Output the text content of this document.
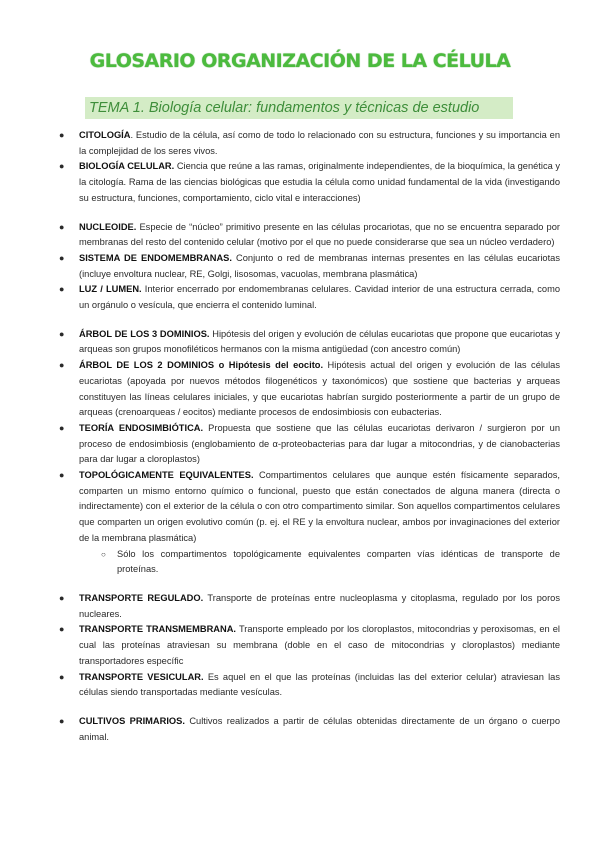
GLOSARIO ORGANIZACIÓN DE LA CÉLULA
TEMA 1. Biología celular: fundamentos y técnicas de estudio
● CITOLOGÍA. Estudio de la célula, así como de todo lo relacionado con su estructura, funciones y su importancia en la complejidad de los seres vivos.
● BIOLOGÍA CELULAR. Ciencia que reúne a las ramas, originalmente independientes, de la bioquímica, la genética y la citología. Rama de las ciencias biológicas que estudia la célula como unidad fundamental de la vida (investigando su estructura, funciones, comportamiento, ciclo vital e interacciones)
● NUCLEOIDE. Especie de “núcleo” primitivo presente en las células procariotas, que no se encuentra separado por membranas del resto del contenido celular (motivo por el que no puede considerarse que sea un núcleo verdadero)
● SISTEMA DE ENDOMEMBRANAS. Conjunto o red de membranas internas presentes en las células eucariotas (incluye envoltura nuclear, RE, Golgi, lisosomas, vacuolas, membrana plasmática)
● LUZ / LUMEN. Interior encerrado por endomembranas celulares. Cavidad interior de una estructura cerrada, como un orgánulo o vesícula, que encierra el contenido luminal.
● ÁRBOL DE LOS 3 DOMINIOS. Hipótesis del origen y evolución de células eucariotas que propone que eucariotas y arqueas son grupos monofiléticos hermanos con la misma antigüedad (con ancestro común)
● ÁRBOL DE LOS 2 DOMINIOS o Hipótesis del eocito. Hipótesis actual del origen y evolución de las células eucariotas (apoyada por nuevos métodos filogenéticos y taxonómicos) que sostiene que bacterias y arqueas constituyen las líneas celulares iniciales, y que eucariotas habrían surgido posteriormente a partir de un grupo de arqueas (crenoarqueas / eocitos) mediante procesos de endosimbiosis con eubacterias.
● TEORÍA ENDOSIMBIÓTICA. Propuesta que sostiene que las células eucariotas derivaron / surgieron por un proceso de endosimbiosis (englobamiento de α-proteobacterias para dar lugar a mitocondrias, y de cianobacterias para dar lugar a cloroplastos)
● TOPOLÓGICAMENTE EQUIVALENTES. Compartimentos celulares que aunque estén físicamente separados, comparten un mismo entorno químico o funcional, puesto que están conectados de alguna manera (directa o indirectamente) con el exterior de la célula o con otro compartimento similar. Son aquellos compartimentos celulares que comparten un origen evolutivo común (p. ej. el RE y la envoltura nuclear, ambos por invaginaciones del exterior de la membrana plasmática)
○ Sólo los compartimentos topológicamente equivalentes comparten vías idénticas de transporte de proteínas.
● TRANSPORTE REGULADO. Transporte de proteínas entre nucleoplasma y citoplasma, regulado por los poros nucleares.
● TRANSPORTE TRANSMEMBRANA. Transporte empleado por los cloroplastos, mitocondrias y peroxisomas, en el cual las proteínas atraviesan su membrana (doble en el caso de mitocondrias y cloroplastos) mediante transportadores específic
● TRANSPORTE VESICULAR. Es aquel en el que las proteínas (incluidas las del exterior celular) atraviesan las células siendo transportadas mediante vesículas.
● CULTIVOS PRIMARIOS. Cultivos realizados a partir de células obtenidas directamente de un órgano o cuerpo animal.
